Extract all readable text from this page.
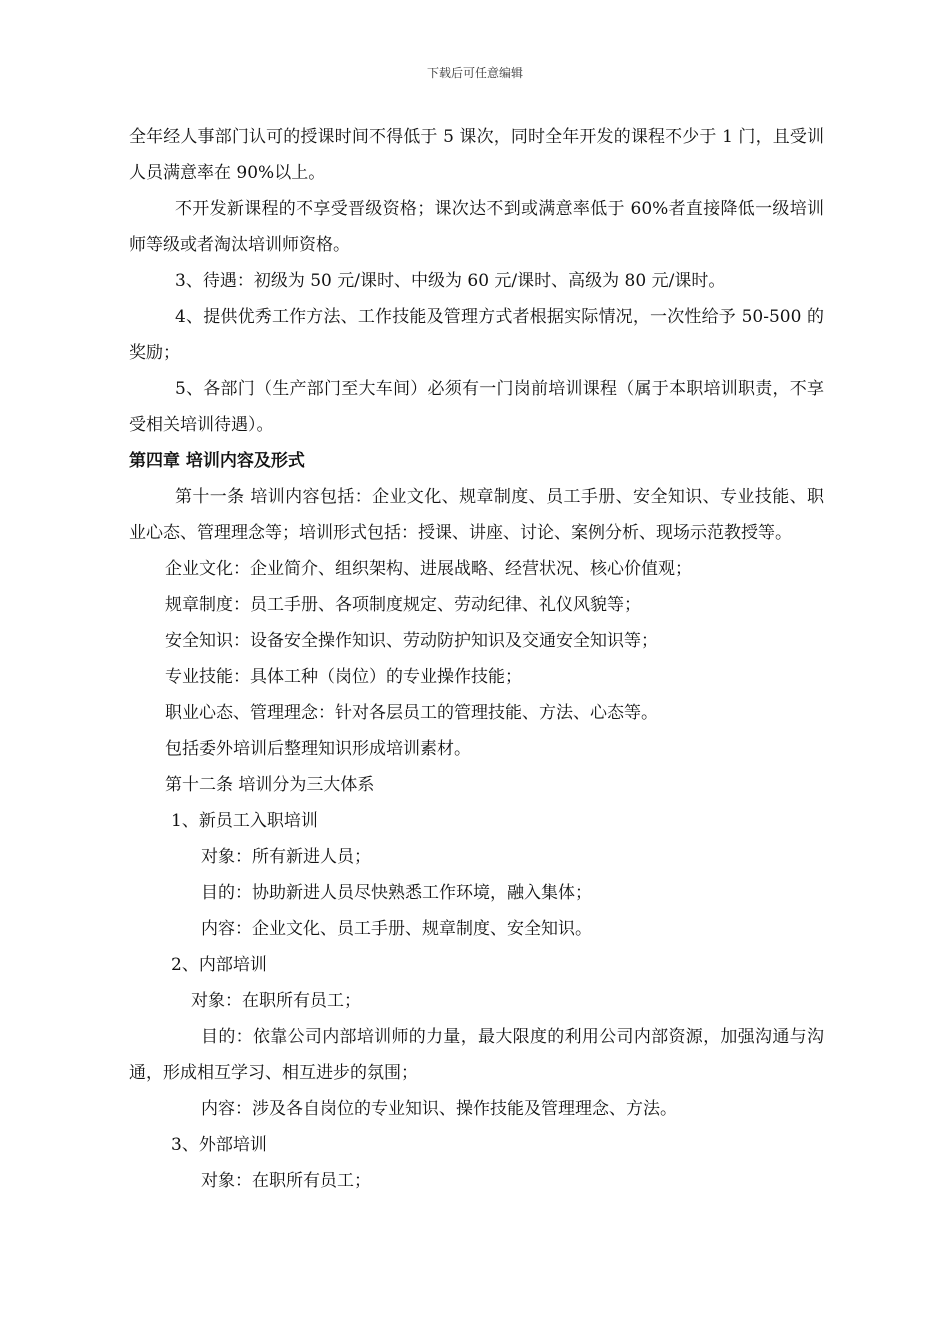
下载后可任意编辑

全年经人事部门认可的授课时间不得低于 5 课次，同时全年开发的课程不少于 1 门，且受训人员满意率在 90%以上。

不开发新课程的不享受晋级资格；课次达不到或满意率低于 60%者直接降低一级培训师等级或者淘汰培训师资格。

3、待遇：初级为 50 元/课时、中级为 60 元/课时、高级为 80 元/课时。

4、提供优秀工作方法、工作技能及管理方式者根据实际情况，一次性给予 50-500 的奖励；

5、各部门（生产部门至大车间）必须有一门岗前培训课程（属于本职培训职责，不享受相关培训待遇）。

第四章 培训内容及形式

第十一条 培训内容包括：企业文化、规章制度、员工手册、安全知识、专业技能、职业心态、管理理念等；培训形式包括：授课、讲座、讨论、案例分析、现场示范教授等。

企业文化：企业简介、组织架构、进展战略、经营状况、核心价值观；

规章制度：员工手册、各项制度规定、劳动纪律、礼仪风貌等；

安全知识：设备安全操作知识、劳动防护知识及交通安全知识等；

专业技能：具体工种（岗位）的专业操作技能；

职业心态、管理理念：针对各层员工的管理技能、方法、心态等。

包括委外培训后整理知识形成培训素材。

第十二条 培训分为三大体系

1、新员工入职培训

对象：所有新进人员；

目的：协助新进人员尽快熟悉工作环境，融入集体；

内容：企业文化、员工手册、规章制度、安全知识。

2、内部培训

对象：在职所有员工；

目的：依靠公司内部培训师的力量，最大限度的利用公司内部资源，加强沟通与沟通，形成相互学习、相互进步的氛围；

内容：涉及各自岗位的专业知识、操作技能及管理理念、方法。

3、外部培训

对象：在职所有员工；
